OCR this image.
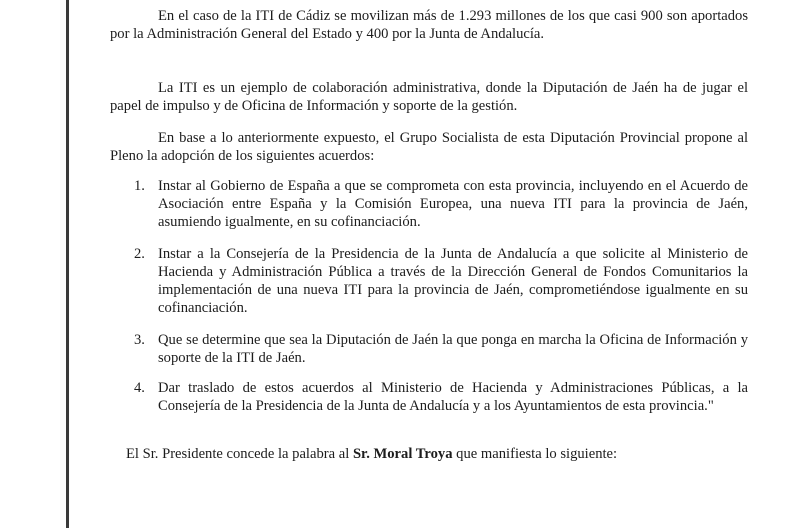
En el caso de la ITI de Cádiz se movilizan más de 1.293 millones de los que casi 900 son aportados por la Administración General del Estado y 400 por la Junta de Andalucía.

La ITI es un ejemplo de colaboración administrativa, donde la Diputación de Jaén ha de jugar el papel de impulso y de Oficina de Información y soporte de la gestión.

En base a lo anteriormente expuesto, el Grupo Socialista de esta Diputación Provincial propone al Pleno la adopción de los siguientes acuerdos:

1. Instar al Gobierno de España a que se comprometa con esta provincia, incluyendo en el Acuerdo de Asociación entre España y la Comisión Europea, una nueva ITI para la provincia de Jaén, asumiendo igualmente, en su cofinanciación.

2. Instar a la Consejería de la Presidencia de la Junta de Andalucía a que solicite al Ministerio de Hacienda y Administración Pública a través de la Dirección General de Fondos Comunitarios la implementación de una nueva ITI para la provincia de Jaén, comprometiéndose igualmente en su cofinanciación.

3. Que se determine que sea la Diputación de Jaén la que ponga en marcha la Oficina de Información y soporte de la ITI de Jaén.

4. Dar traslado de estos acuerdos al Ministerio de Hacienda y Administraciones Públicas, a la Consejería de la Presidencia de la Junta de Andalucía y a los Ayuntamientos de esta provincia."

El Sr. Presidente concede la palabra al Sr. Moral Troya que manifiesta lo siguiente:
